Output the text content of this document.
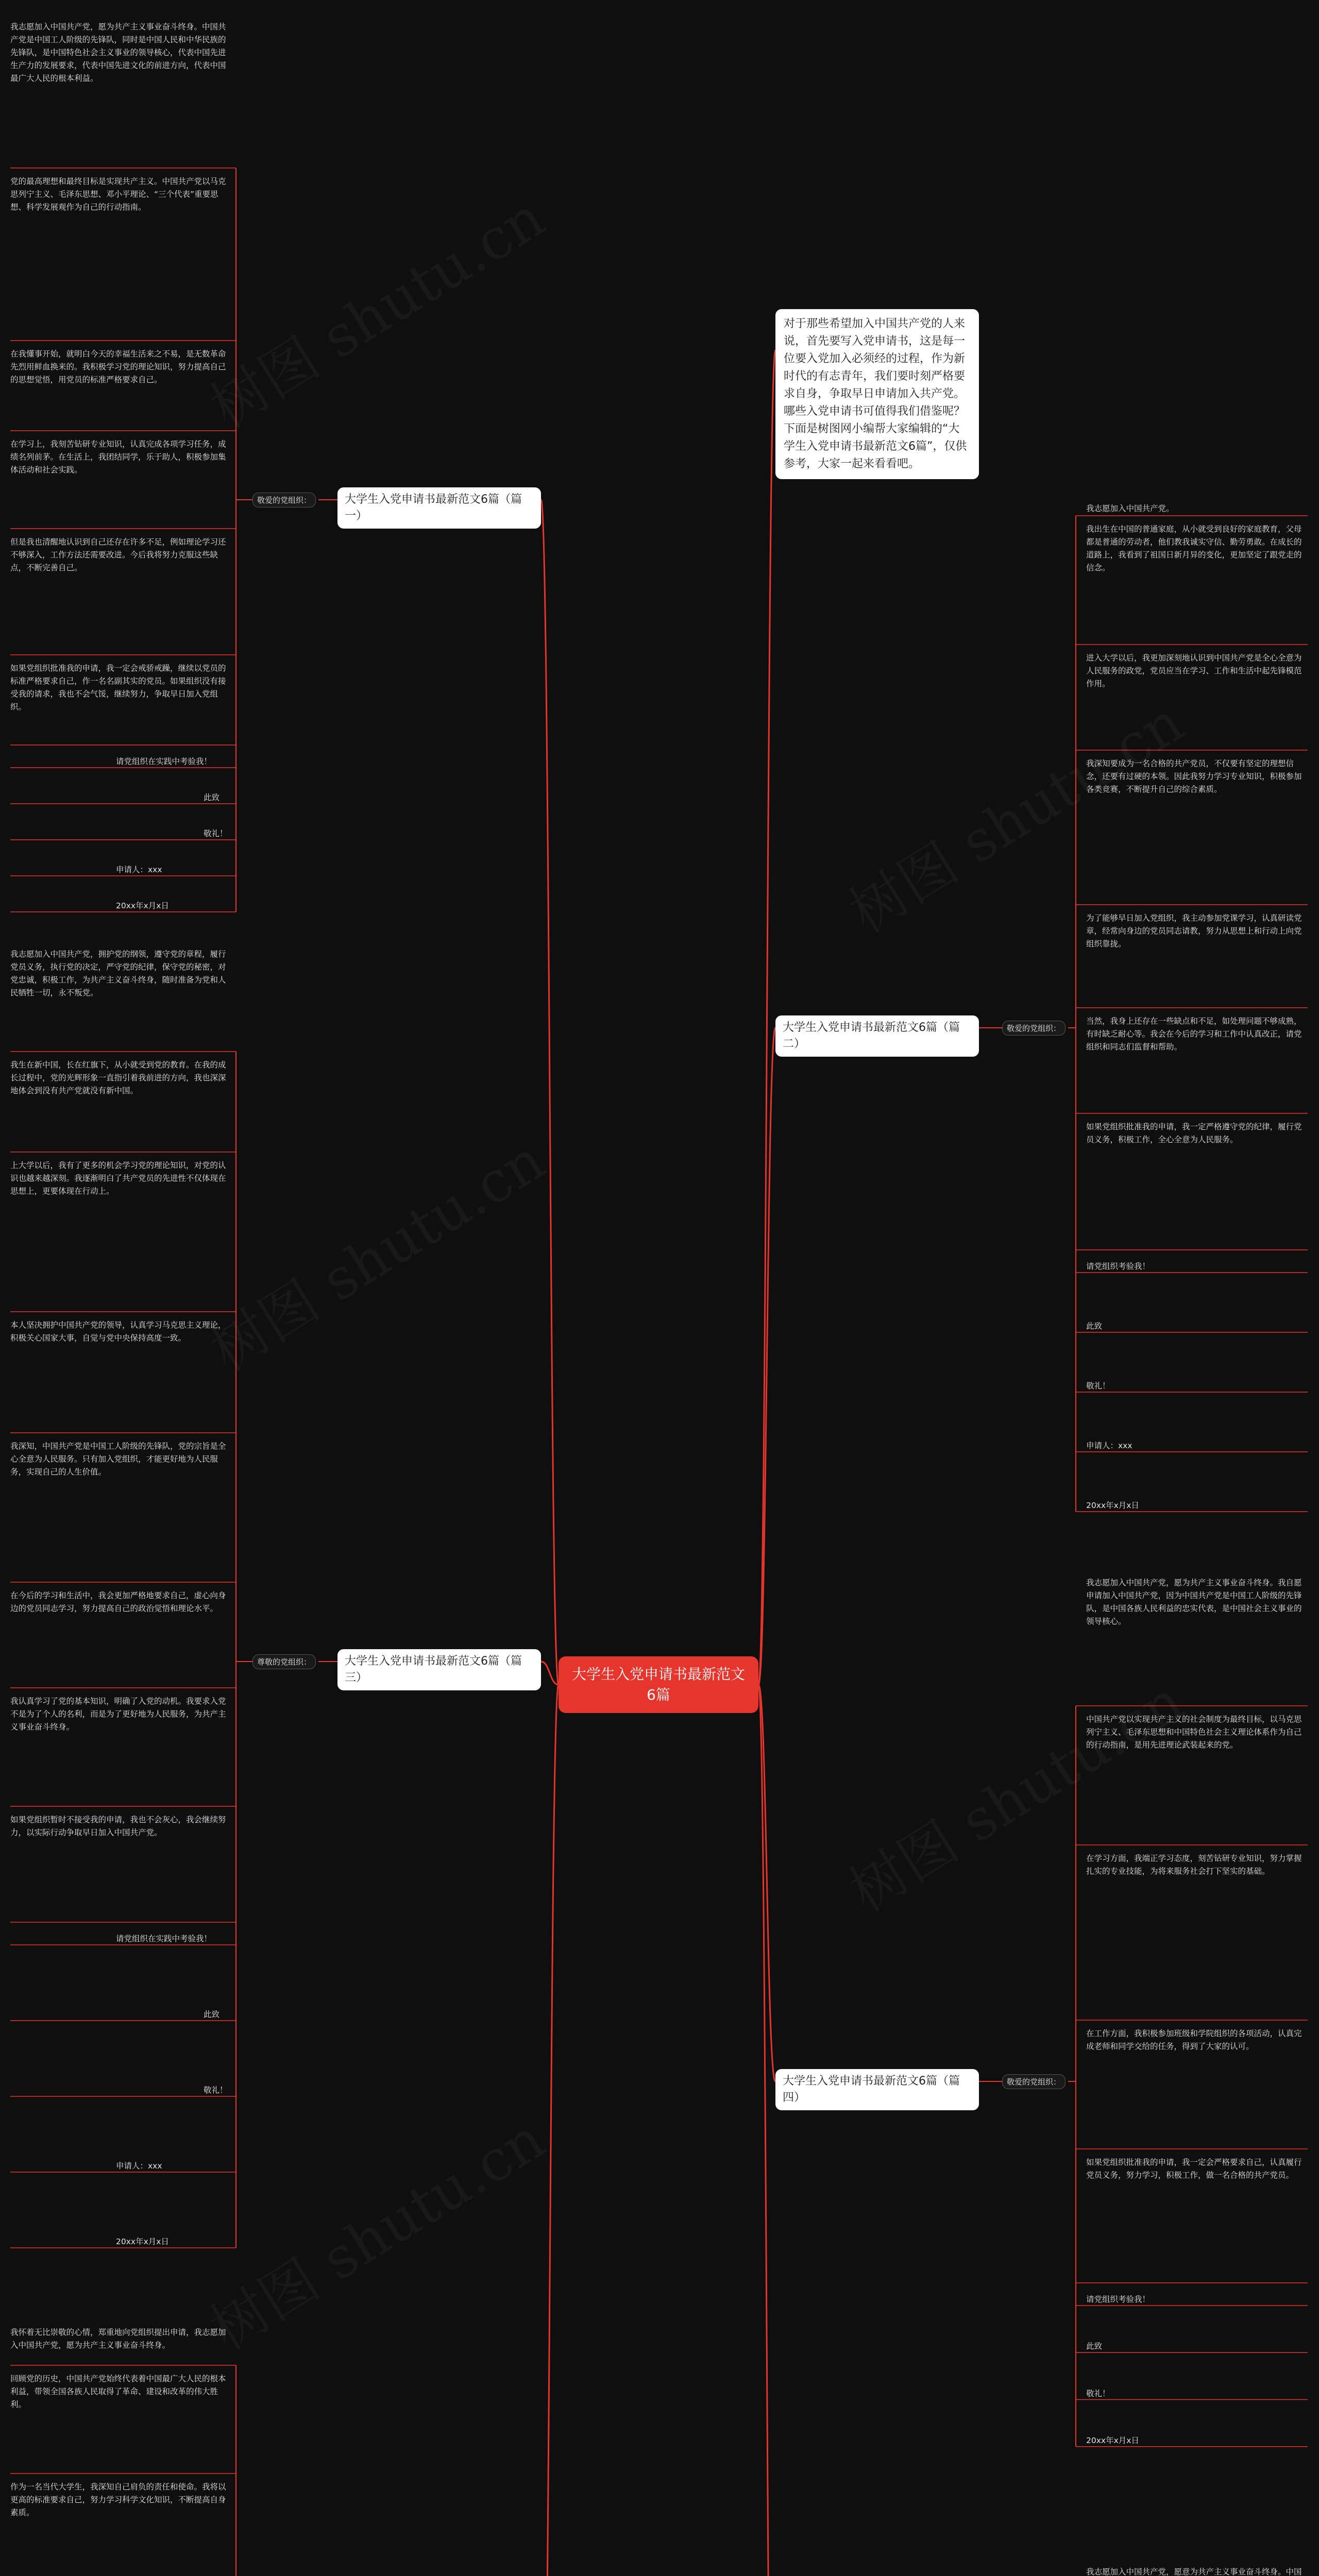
大学生入党申请书最新范文6篇
对于那些希望加入中国共产党的人来说，首先要写入党申请书，这是每一位要入党加入必须经的过程，作为新时代的有志青年，我们要时刻严格要求自身，争取早日申请加入共产党。哪些入党申请书可值得我们借鉴呢？下面是树图网小编帮大家编辑的“大学生入党申请书最新范文6篇”，仅供参考，大家一起来看看吧。
大学生入党申请书最新范文6篇（篇一）
敬爱的党组织：
我志愿加入中国共产党，愿为共产主义事业奋斗终身。中国共产党是中国工人阶级的先锋队，同时是中国人民和中华民族的先锋队，是中国特色社会主义事业的领导核心，代表中国先进生产力的发展要求，代表中国先进文化的前进方向，代表中国最广大人民的根本利益。
党的最高理想和最终目标是实现共产主义。中国共产党以马克思列宁主义、毛泽东思想、邓小平理论、“三个代表”重要思想、科学发展观作为自己的行动指南。
在我懂事开始，就明白今天的幸福生活来之不易，是无数革命先烈用鲜血换来的。我积极学习党的理论知识，努力提高自己的思想觉悟，用党员的标准严格要求自己。
在学习上，我刻苦钻研专业知识，认真完成各项学习任务，成绩名列前茅。在生活上，我团结同学，乐于助人，积极参加集体活动和社会实践。
但是我也清醒地认识到自己还存在许多不足，例如理论学习还不够深入，工作方法还需要改进。今后我将努力克服这些缺点，不断完善自己。
如果党组织批准我的申请，我一定会戒骄戒躁，继续以党员的标准严格要求自己，作一名名副其实的党员。如果组织没有接受我的请求，我也不会气馁，继续努力，争取早日加入党组织。
请党组织在实践中考验我！
此致
敬礼！
申请人：xxx
20xx年x月x日
大学生入党申请书最新范文6篇（篇二）
敬爱的党组织：
我志愿加入中国共产党。
我出生在中国的普通家庭，从小就受到良好的家庭教育，父母都是普通的劳动者，他们教我诚实守信、勤劳勇敢。在成长的道路上，我看到了祖国日新月异的变化，更加坚定了跟党走的信念。
进入大学以后，我更加深刻地认识到中国共产党是全心全意为人民服务的政党，党员应当在学习、工作和生活中起先锋模范作用。
我深知要成为一名合格的共产党员，不仅要有坚定的理想信念，还要有过硬的本领。因此我努力学习专业知识，积极参加各类竞赛，不断提升自己的综合素质。
为了能够早日加入党组织，我主动参加党课学习，认真研读党章，经常向身边的党员同志请教，努力从思想上和行动上向党组织靠拢。
当然，我身上还存在一些缺点和不足，如处理问题不够成熟，有时缺乏耐心等。我会在今后的学习和工作中认真改正，请党组织和同志们监督和帮助。
如果党组织批准我的申请，我一定严格遵守党的纪律，履行党员义务，积极工作，全心全意为人民服务。
请党组织考验我！
此致
敬礼！
申请人：xxx
20xx年x月x日
大学生入党申请书最新范文6篇（篇三）
尊敬的党组织：
我志愿加入中国共产党，拥护党的纲领，遵守党的章程，履行党员义务，执行党的决定，严守党的纪律，保守党的秘密，对党忠诚，积极工作，为共产主义奋斗终身，随时准备为党和人民牺牲一切，永不叛党。
我生在新中国，长在红旗下，从小就受到党的教育。在我的成长过程中，党的光辉形象一直指引着我前进的方向，我也深深地体会到没有共产党就没有新中国。
上大学以后，我有了更多的机会学习党的理论知识，对党的认识也越来越深刻。我逐渐明白了共产党员的先进性不仅体现在思想上，更要体现在行动上。
本人坚决拥护中国共产党的领导，认真学习马克思主义理论，积极关心国家大事，自觉与党中央保持高度一致。
我深知，中国共产党是中国工人阶级的先锋队，党的宗旨是全心全意为人民服务。只有加入党组织，才能更好地为人民服务，实现自己的人生价值。
在今后的学习和生活中，我会更加严格地要求自己，虚心向身边的党员同志学习，努力提高自己的政治觉悟和理论水平。
我认真学习了党的基本知识，明确了入党的动机。我要求入党不是为了个人的名利，而是为了更好地为人民服务，为共产主义事业奋斗终身。
如果党组织暂时不接受我的申请，我也不会灰心，我会继续努力，以实际行动争取早日加入中国共产党。
请党组织在实践中考验我！
此致
敬礼！
申请人：xxx
20xx年x月x日
大学生入党申请书最新范文6篇（篇四）
敬爱的党组织：
我志愿加入中国共产党，愿为共产主义事业奋斗终身。我自愿申请加入中国共产党，因为中国共产党是中国工人阶级的先锋队，是中国各族人民利益的忠实代表，是中国社会主义事业的领导核心。
中国共产党以实现共产主义的社会制度为最终目标，以马克思列宁主义、毛泽东思想和中国特色社会主义理论体系作为自己的行动指南，是用先进理论武装起来的党。
在学习方面，我端正学习态度，刻苦钻研专业知识，努力掌握扎实的专业技能，为将来服务社会打下坚实的基础。
在工作方面，我积极参加班级和学院组织的各项活动，认真完成老师和同学交给的任务，得到了大家的认可。
如果党组织批准我的申请，我一定会严格要求自己，认真履行党员义务，努力学习，积极工作，做一名合格的共产党员。
请党组织考验我！
此致
敬礼！
20xx年x月x日
我怀着无比崇敬的心情，郑重地向党组织提出申请，我志愿加入中国共产党，愿为共产主义事业奋斗终身。
回顾党的历史，中国共产党始终代表着中国最广大人民的根本利益，带领全国各族人民取得了革命、建设和改革的伟大胜利。
作为一名当代大学生，我深知自己肩负的责任和使命。我将以更高的标准要求自己，努力学习科学文化知识，不断提高自身素质。
我志愿加入中国共产党，愿意为共产主义事业奋斗终身。中国
